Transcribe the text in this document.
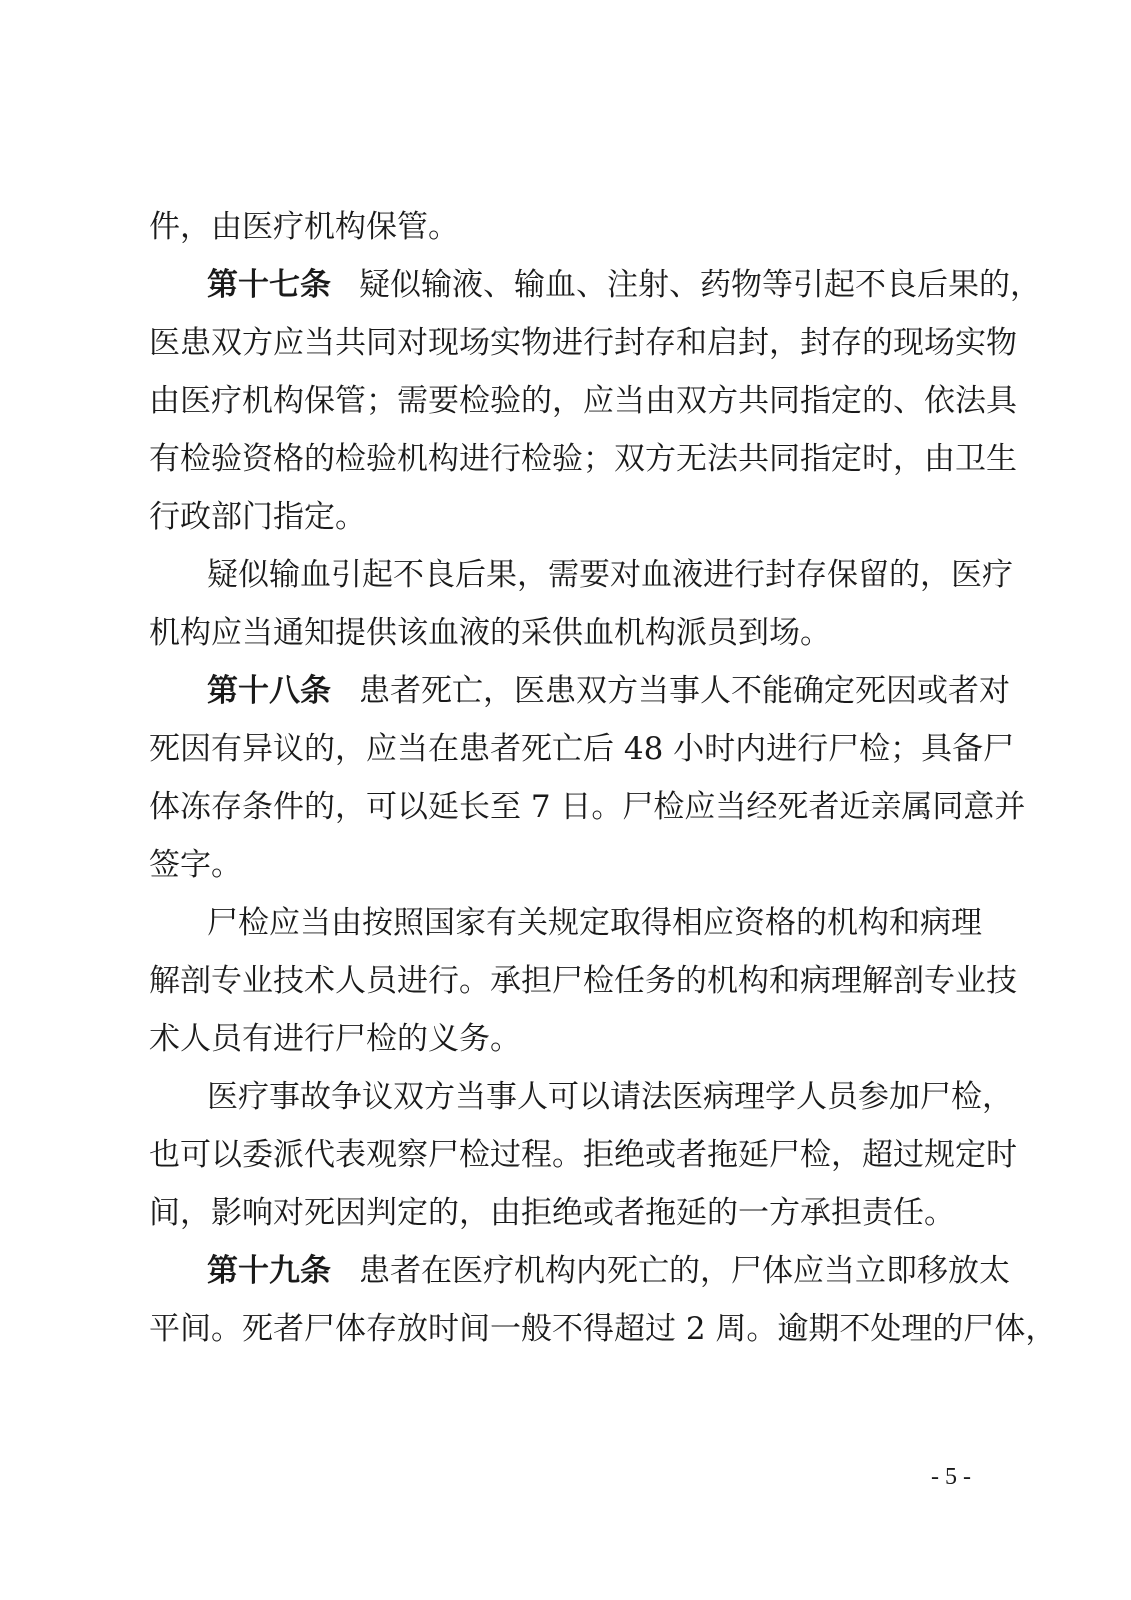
件，由医疗机构保管。
第十七条 疑似输液、输血、注射、药物等引起不良后果的，
医患双方应当共同对现场实物进行封存和启封，封存的现场实物
由医疗机构保管；需要检验的，应当由双方共同指定的、依法具
有检验资格的检验机构进行检验；双方无法共同指定时，由卫生
行政部门指定。
疑似输血引起不良后果，需要对血液进行封存保留的，医疗
机构应当通知提供该血液的采供血机构派员到场。
第十八条 患者死亡，医患双方当事人不能确定死因或者对
死因有异议的，应当在患者死亡后 48 小时内进行尸检；具备尸
体冻存条件的，可以延长至 7 日。尸检应当经死者近亲属同意并
签字。
尸检应当由按照国家有关规定取得相应资格的机构和病理
解剖专业技术人员进行。承担尸检任务的机构和病理解剖专业技
术人员有进行尸检的义务。
医疗事故争议双方当事人可以请法医病理学人员参加尸检，
也可以委派代表观察尸检过程。拒绝或者拖延尸检，超过规定时
间，影响对死因判定的，由拒绝或者拖延的一方承担责任。
第十九条 患者在医疗机构内死亡的，尸体应当立即移放太
平间。死者尸体存放时间一般不得超过 2 周。逾期不处理的尸体，
- 5 -
